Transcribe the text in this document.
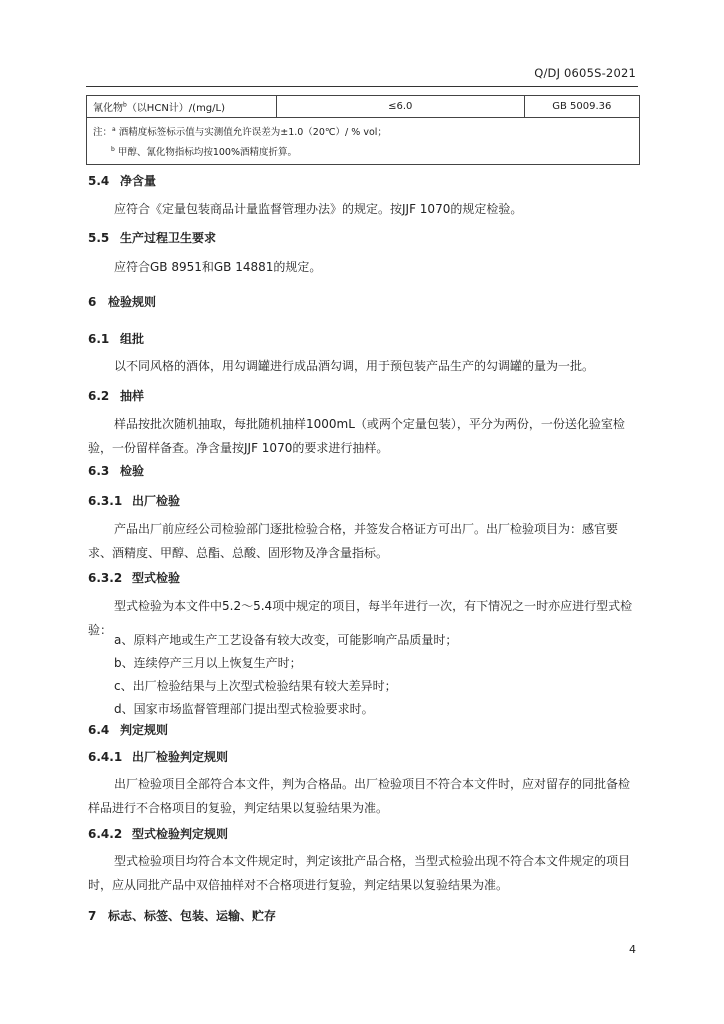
Q/DJ 0605S-2021
氰化物$^b$（以HCN计）/(mg/L)	≤6.0	GB 5009.36

注：$^a$ 酒精度标签标示值与实测值允许误差为±1.0（20℃）/ % vol；
$^b$ 甲醇、氰化物指标均按100%酒精度折算。
5.4 净含量
应符合《定量包装商品计量监督管理办法》的规定。按JJF 1070的规定检验。
5.5 生产过程卫生要求
应符合GB 8951和GB 14881的规定。
6 检验规则
6.1 组批
以不同风格的酒体，用勾调罐进行成品酒勾调，用于预包装产品生产的勾调罐的量为一批。
6.2 抽样
样品按批次随机抽取，每批随机抽样1000mL（或两个定量包装），平分为两份，一份送化验室检验，一份留样备查。净含量按JJF 1070的要求进行抽样。
6.3 检验
6.3.1 出厂检验
产品出厂前应经公司检验部门逐批检验合格，并签发合格证方可出厂。出厂检验项目为：感官要求、酒精度、甲醇、总酯、总酸、固形物及净含量指标。
6.3.2 型式检验
型式检验为本文件中5.2～5.4项中规定的项目，每半年进行一次，有下情况之一时亦应进行型式检验：
a、原料产地或生产工艺设备有较大改变，可能影响产品质量时；
b、连续停产三月以上恢复生产时；
c、出厂检验结果与上次型式检验结果有较大差异时；
d、国家市场监督管理部门提出型式检验要求时。
6.4 判定规则
6.4.1 出厂检验判定规则
出厂检验项目全部符合本文件，判为合格品。出厂检验项目不符合本文件时，应对留存的同批备检样品进行不合格项目的复验，判定结果以复验结果为准。
6.4.2 型式检验判定规则
型式检验项目均符合本文件规定时，判定该批产品合格，当型式检验出现不符合本文件规定的项目时，应从同批产品中双倍抽样对不合格项进行复验，判定结果以复验结果为准。
7 标志、标签、包装、运输、贮存
4
